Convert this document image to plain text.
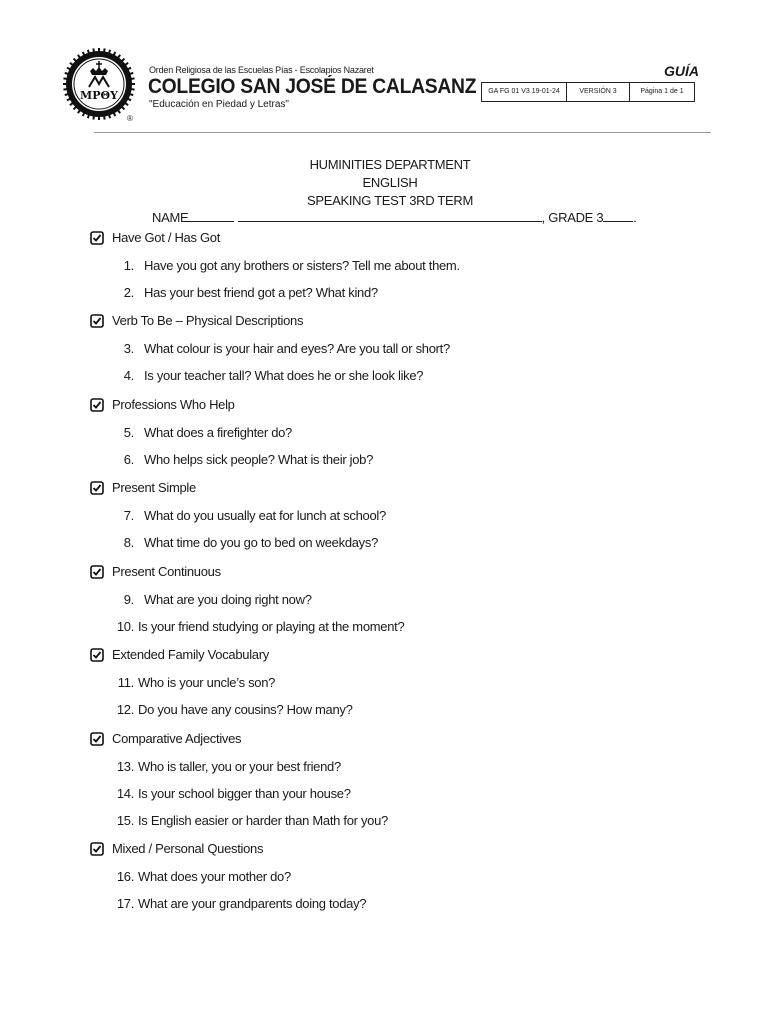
MPΘY
®
Orden Religiosa de las Escuelas Pías - Escolapios Nazaret
COLEGIO SAN JOSÉ DE CALASANZ
"Educación en Piedad y Letras"
GUÍA
GA FG 01 V3 19-01-24	VERSIÓN 3	Página 1 de 1
HUMINITIES DEPARTMENT
ENGLISH
SPEAKING TEST 3RD TERM
NAME	, GRADE 3 .
Have Got / Has Got
1. Have you got any brothers or sisters? Tell me about them.
2. Has your best friend got a pet? What kind?
Verb To Be – Physical Descriptions
3. What colour is your hair and eyes? Are you tall or short?
4. Is your teacher tall? What does he or she look like?
Professions Who Help
5. What does a firefighter do?
6. Who helps sick people? What is their job?
Present Simple
7. What do you usually eat for lunch at school?
8. What time do you go to bed on weekdays?
Present Continuous
9. What are you doing right now?
10. Is your friend studying or playing at the moment?
Extended Family Vocabulary
11. Who is your uncle’s son?
12. Do you have any cousins? How many?
Comparative Adjectives
13. Who is taller, you or your best friend?
14. Is your school bigger than your house?
15. Is English easier or harder than Math for you?
Mixed / Personal Questions
16. What does your mother do?
17. What are your grandparents doing today?
